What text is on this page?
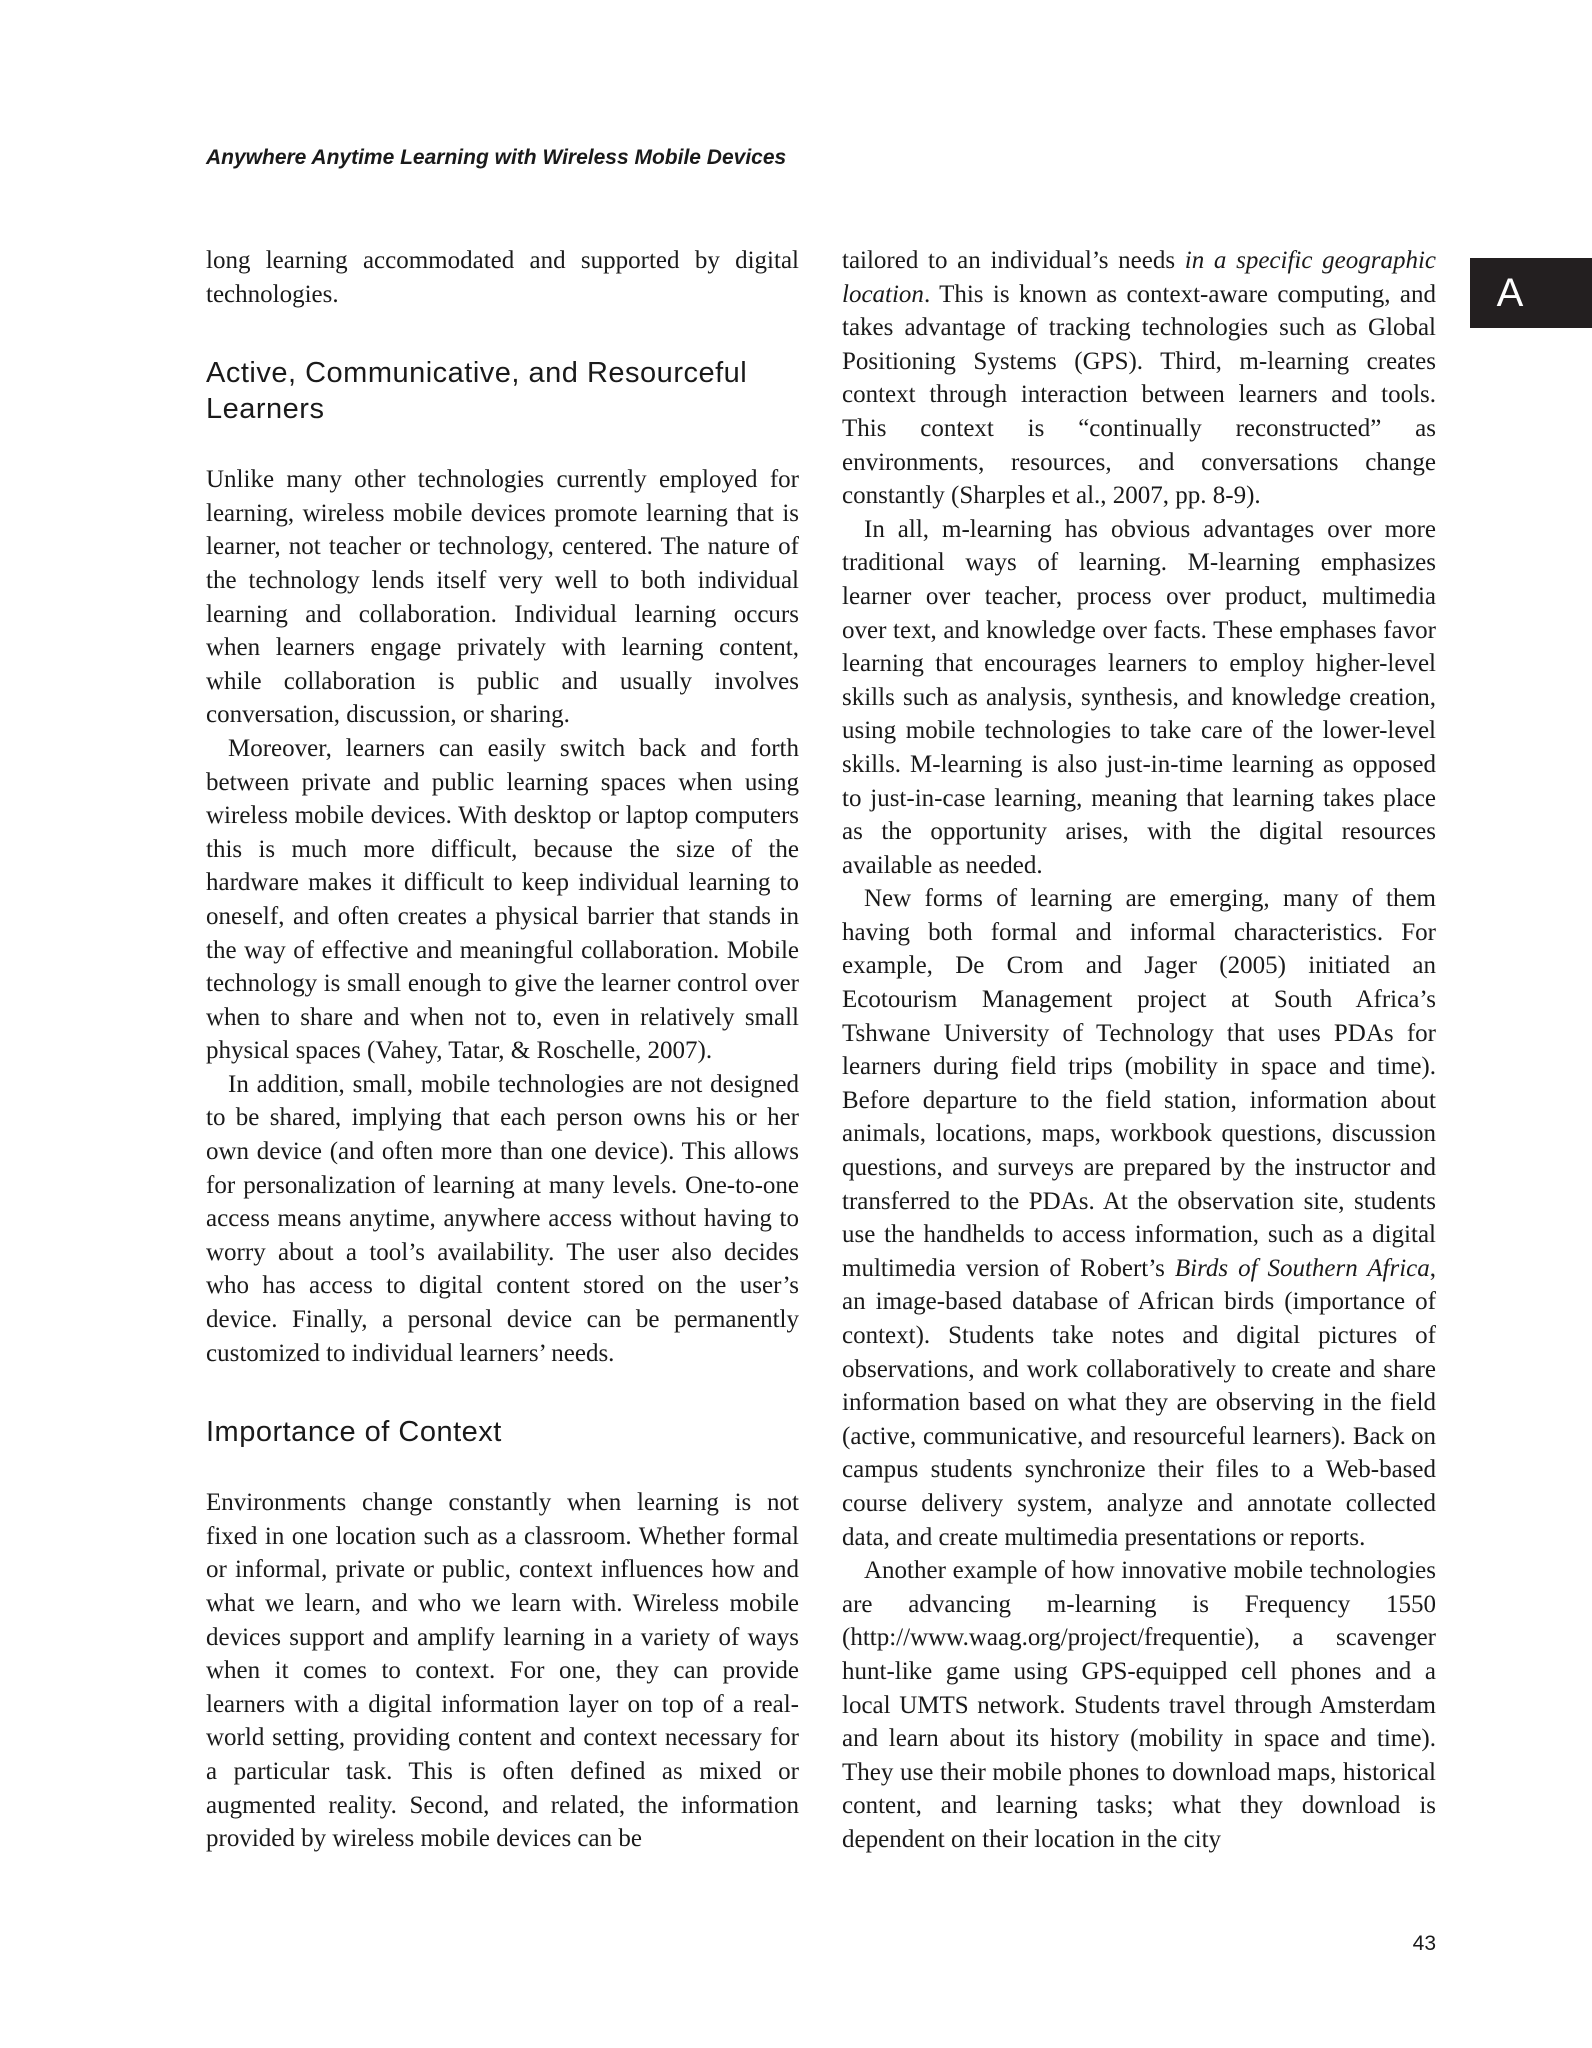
Anywhere Anytime Learning with Wireless Mobile Devices

A

long learning accommodated and supported by digital technologies.

Active, Communicative, and Resourceful Learners

Unlike many other technologies currently employed for learning, wireless mobile devices promote learning that is learner, not teacher or technology, centered. The nature of the technology lends itself very well to both individual learning and collaboration. Individual learning occurs when learners engage privately with learning content, while collaboration is public and usually involves conversation, discussion, or sharing.

Moreover, learners can easily switch back and forth between private and public learning spaces when using wireless mobile devices. With desktop or laptop computers this is much more difficult, because the size of the hardware makes it difficult to keep individual learning to oneself, and often creates a physical barrier that stands in the way of effective and meaningful collaboration. Mobile technology is small enough to give the learner control over when to share and when not to, even in relatively small physical spaces (Vahey, Tatar, & Roschelle, 2007).

In addition, small, mobile technologies are not designed to be shared, implying that each person owns his or her own device (and often more than one device). This allows for personalization of learning at many levels. One-to-one access means anytime, anywhere access without having to worry about a tool’s availability. The user also decides who has access to digital content stored on the user’s device. Finally, a personal device can be permanently customized to individual learners’ needs.

Importance of Context

Environments change constantly when learning is not fixed in one location such as a classroom. Whether formal or informal, private or public, context influences how and what we learn, and who we learn with. Wireless mobile devices support and amplify learning in a variety of ways when it comes to context. For one, they can provide learners with a digital information layer on top of a real-world setting, providing content and context necessary for a particular task. This is often defined as mixed or augmented reality. Second, and related, the information provided by wireless mobile devices can be

tailored to an individual’s needs in a specific geographic location. This is known as context-aware computing, and takes advantage of tracking technologies such as Global Positioning Systems (GPS). Third, m-learning creates context through interaction between learners and tools. This context is “continually reconstructed” as environments, resources, and conversations change constantly (Sharples et al., 2007, pp. 8-9).

In all, m-learning has obvious advantages over more traditional ways of learning. M-learning emphasizes learner over teacher, process over product, multimedia over text, and knowledge over facts. These emphases favor learning that encourages learners to employ higher-level skills such as analysis, synthesis, and knowledge creation, using mobile technologies to take care of the lower-level skills. M-learning is also just-in-time learning as opposed to just-in-case learning, meaning that learning takes place as the opportunity arises, with the digital resources available as needed.

New forms of learning are emerging, many of them having both formal and informal characteristics. For example, De Crom and Jager (2005) initiated an Ecotourism Management project at South Africa’s Tshwane University of Technology that uses PDAs for learners during field trips (mobility in space and time). Before departure to the field station, information about animals, locations, maps, workbook questions, discussion questions, and surveys are prepared by the instructor and transferred to the PDAs. At the observation site, students use the handhelds to access information, such as a digital multimedia version of Robert’s Birds of Southern Africa, an image-based database of African birds (importance of context). Students take notes and digital pictures of observations, and work collaboratively to create and share information based on what they are observing in the field (active, communicative, and resourceful learners). Back on campus students synchronize their files to a Web-based course delivery system, analyze and annotate collected data, and create multimedia presentations or reports.

Another example of how innovative mobile technologies are advancing m-learning is Frequency 1550 (http://www.waag.org/project/frequentie), a scavenger hunt-like game using GPS-equipped cell phones and a local UMTS network. Students travel through Amsterdam and learn about its history (mobility in space and time). They use their mobile phones to download maps, historical content, and learning tasks; what they download is dependent on their location in the city

43
